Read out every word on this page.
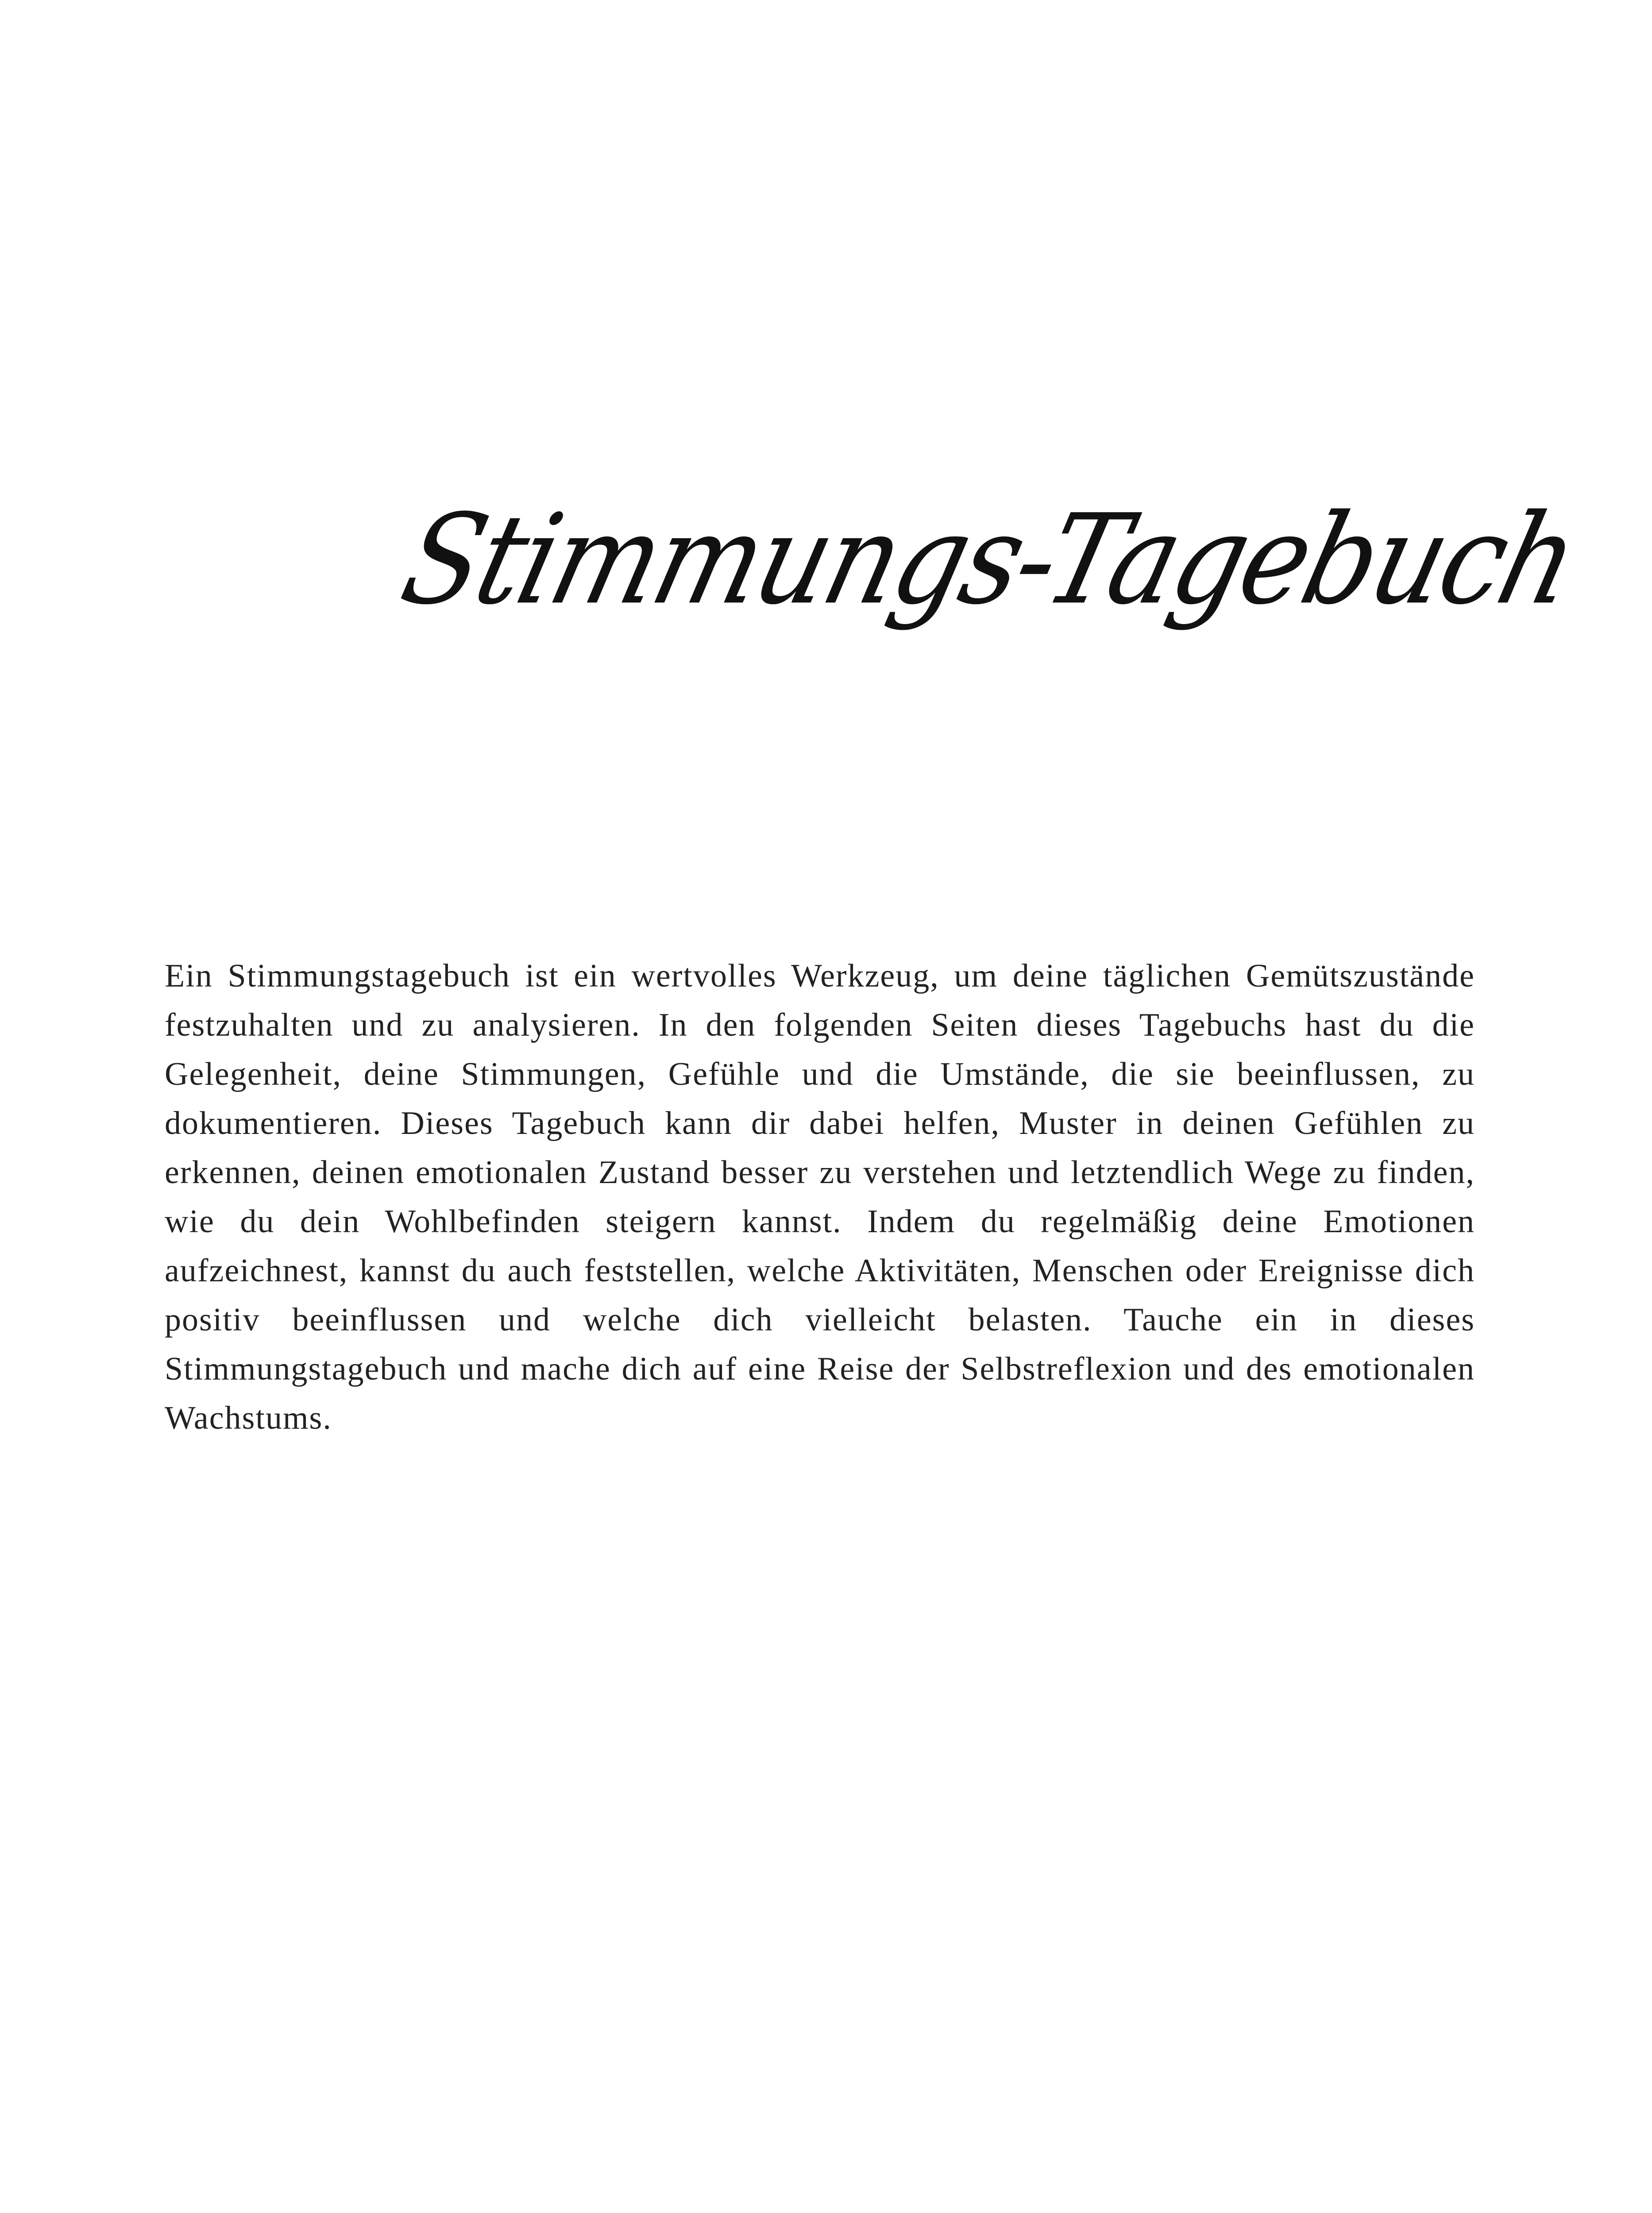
Stimmungs-Tagebuch

Ein Stimmungstagebuch ist ein wertvolles Werkzeug, um deine täglichen Gemütszustände festzuhalten und zu analysieren. In den folgenden Seiten dieses Tagebuchs hast du die Gelegenheit, deine Stimmungen, Gefühle und die Umstände, die sie beeinflussen, zu dokumentieren. Dieses Tagebuch kann dir dabei helfen, Muster in deinen Gefühlen zu erkennen, deinen emotionalen Zustand besser zu verstehen und letztendlich Wege zu finden, wie du dein Wohlbefinden steigern kannst. Indem du regelmäßig deine Emotionen aufzeichnest, kannst du auch feststellen, welche Aktivitäten, Menschen oder Ereignisse dich positiv beeinflussen und welche dich vielleicht belasten. Tauche ein in dieses Stimmungstagebuch und mache dich auf eine Reise der Selbstreflexion und des emotionalen Wachstums.
